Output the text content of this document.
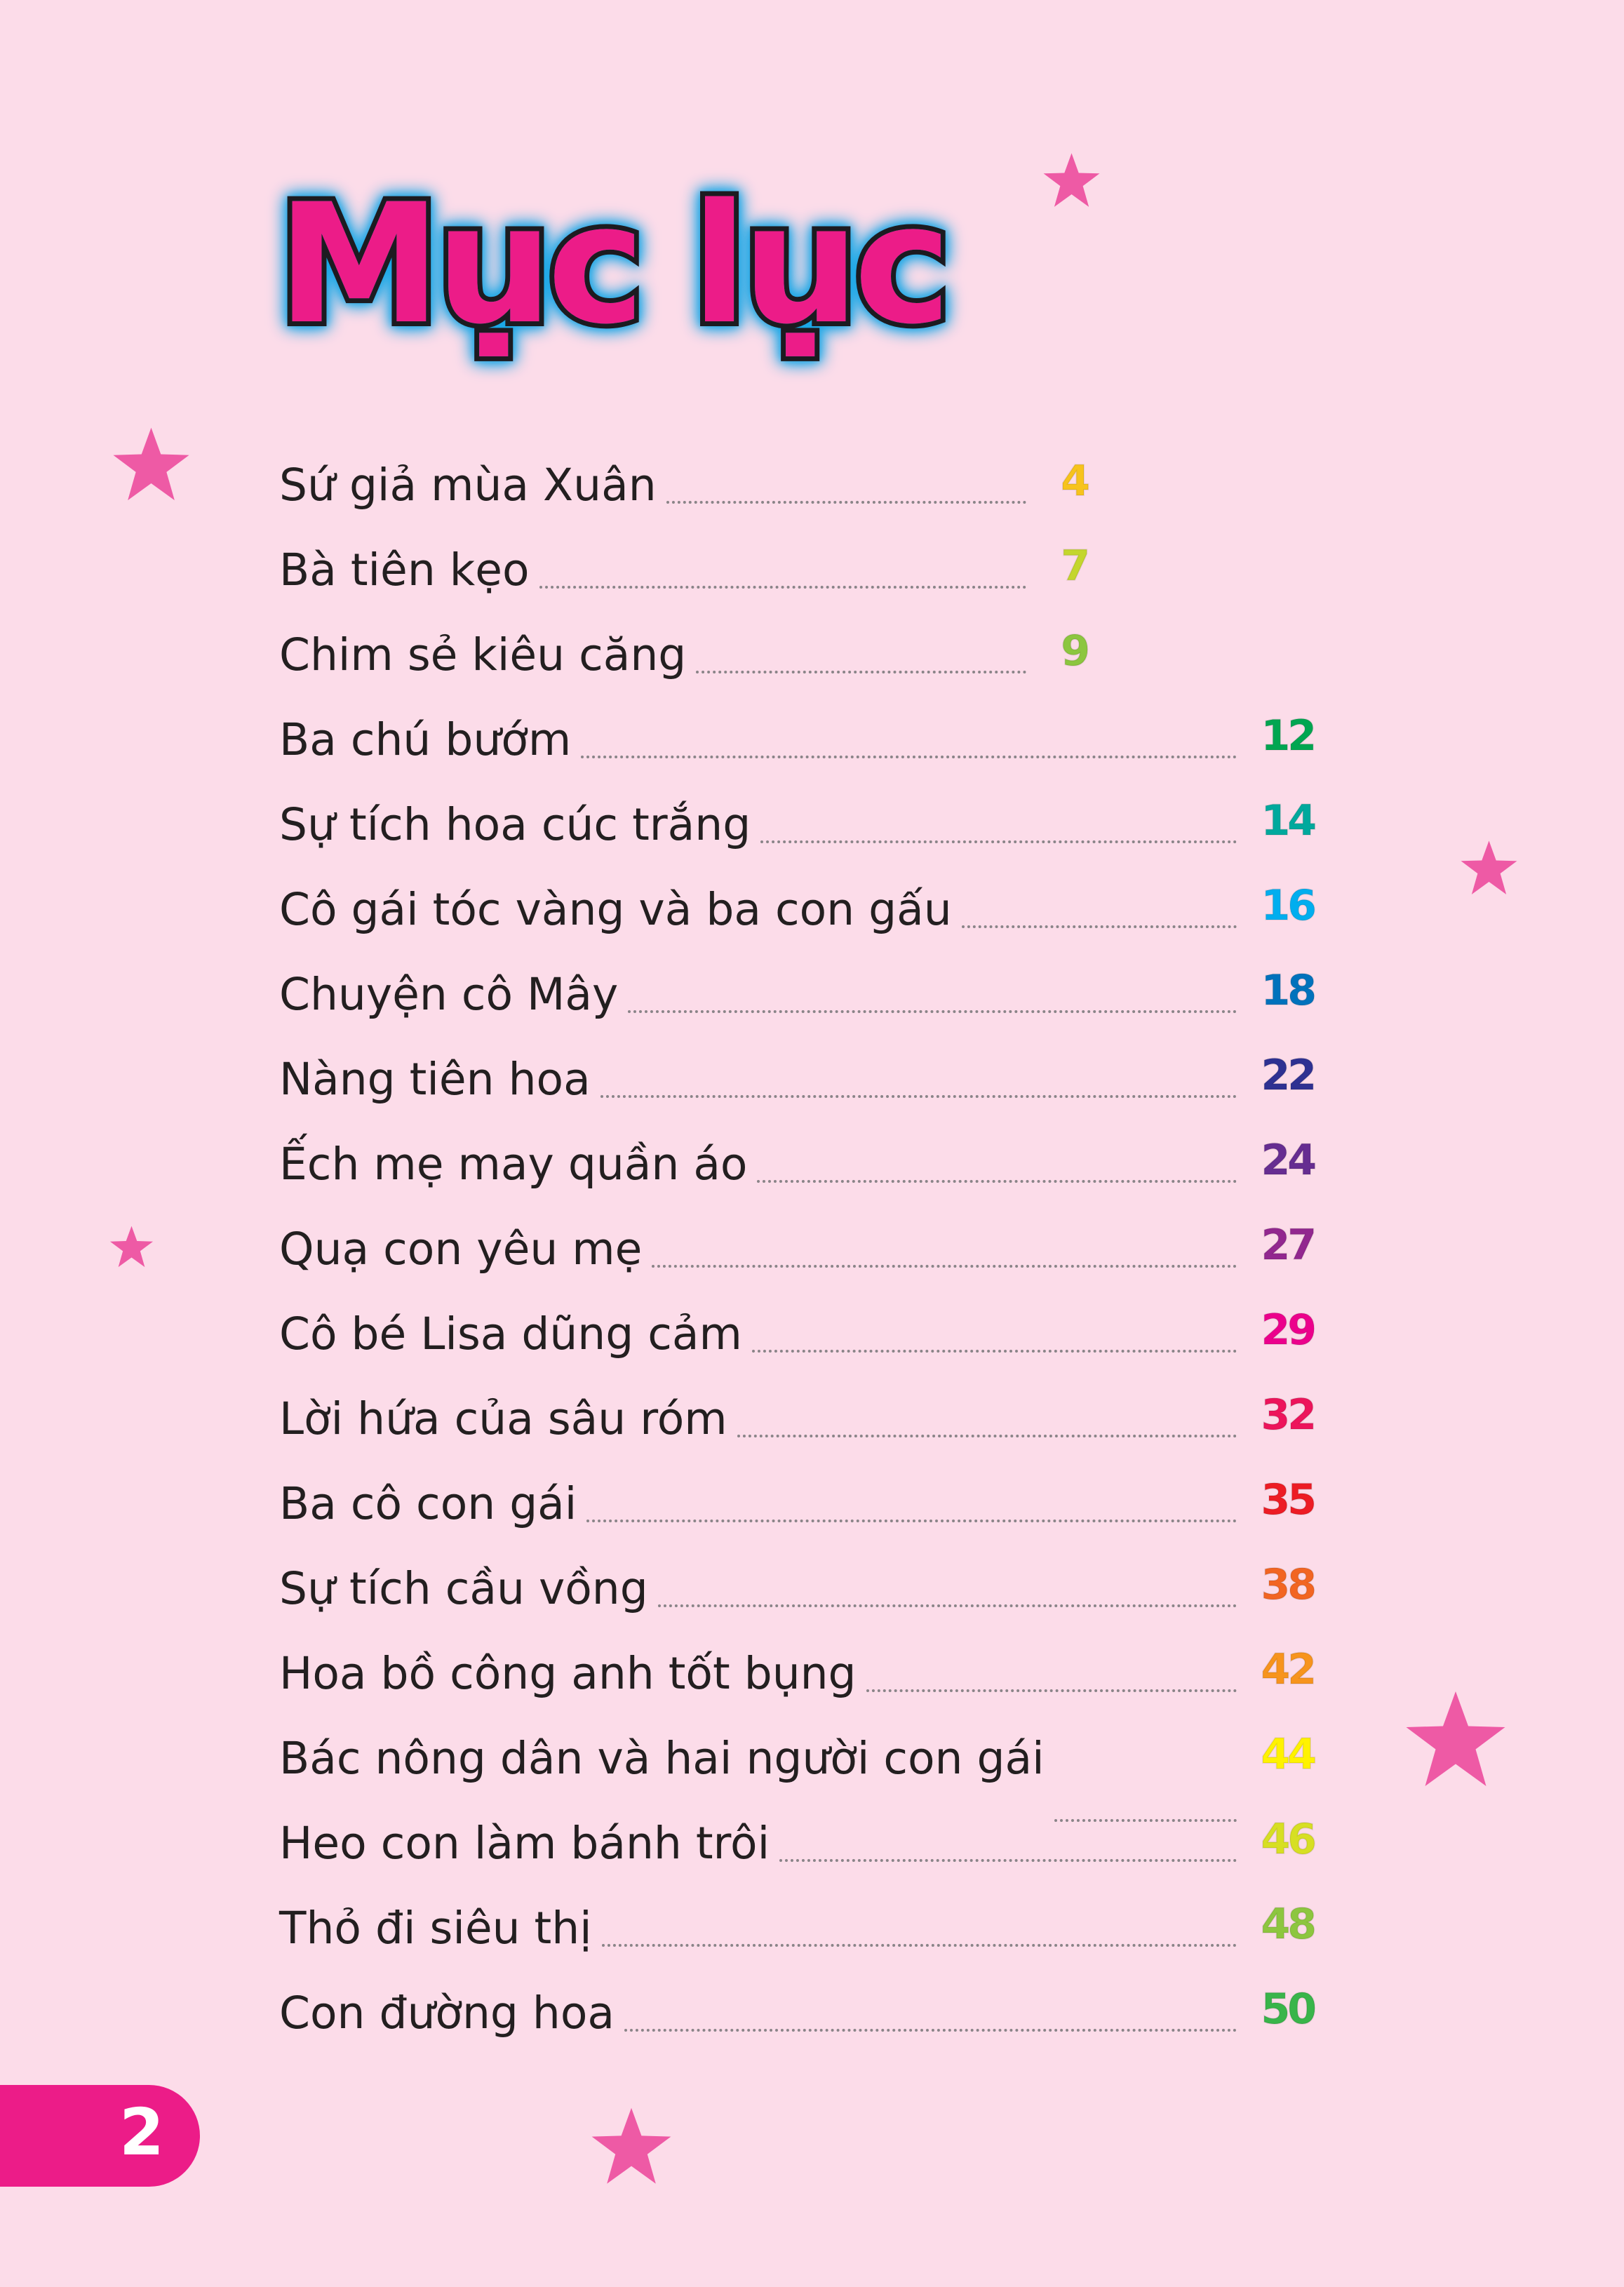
Mục lục
Sứ giả mùa Xuân	4
Bà tiên kẹo	7
Chim sẻ kiêu căng	9
Ba chú bướm	12
Sự tích hoa cúc trắng	14
Cô gái tóc vàng và ba con gấu	16
Chuyện cô Mây	18
Nàng tiên hoa	22
Ếch mẹ may quần áo	24
Quạ con yêu mẹ	27
Cô bé Lisa dũng cảm	29
Lời hứa của sâu róm	32
Ba cô con gái	35
Sự tích cầu vồng	38
Hoa bồ công anh tốt bụng	42
Bác nông dân và hai người con gái	44
Heo con làm bánh trôi	46
Thỏ đi siêu thị	48
Con đường hoa	50
2
